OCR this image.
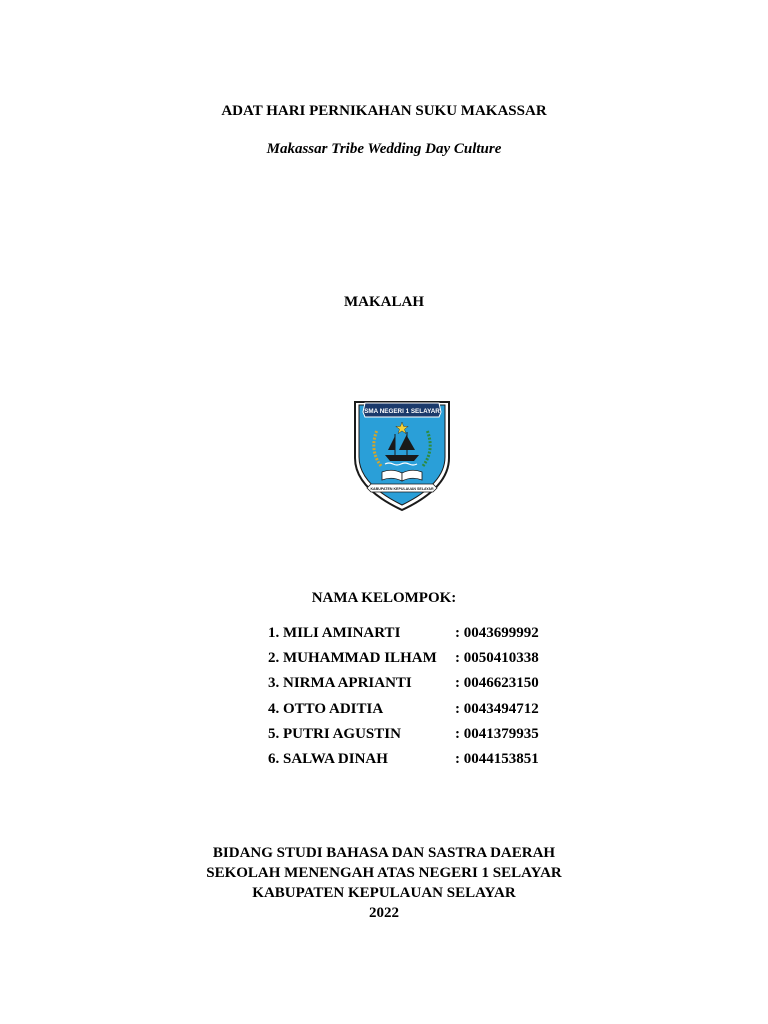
ADAT HARI PERNIKAHAN SUKU MAKASSAR
Makassar Tribe Wedding Day Culture
MAKALAH
SMA NEGERI 1 SELAYAR
KABUPATEN KEPULAUAN SELAYAR
NAMA KELOMPOK:
1. MILI AMINARTI	: 0043699992
2. MUHAMMAD ILHAM : 0050410338
3. NIRMA APRIANTI	: 0046623150
4. OTTO ADITIA	: 0043494712
5. PUTRI AGUSTIN	: 0041379935
6. SALWA DINAH	: 0044153851
BIDANG STUDI BAHASA DAN SASTRA DAERAH
SEKOLAH MENENGAH ATAS NEGERI 1 SELAYAR
KABUPATEN KEPULAUAN SELAYAR
2022
